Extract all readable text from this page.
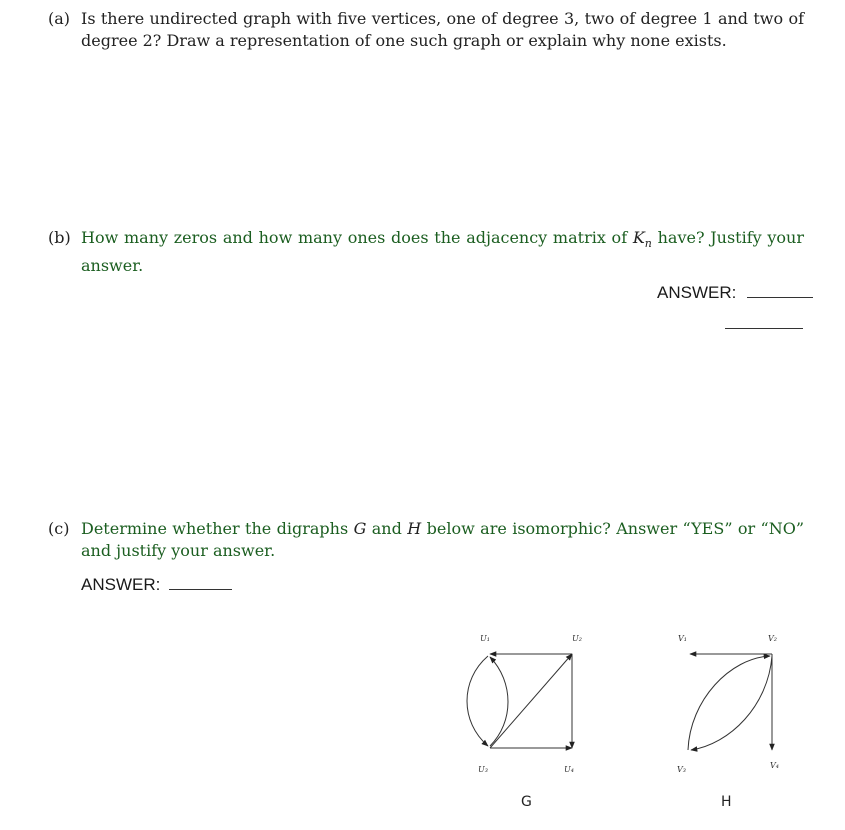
(a) Is there undirected graph with five vertices, one of degree 3, two of degree 1 and two of degree 2? Draw a representation of one such graph or explain why none exists.
(b) How many zeros and how many ones does the adjacency matrix of $K_n$ have? Justify your answer.
ANSWER:
(c) Determine whether the digraphs G and H below are isomorphic? Answer “YES” or “NO” and justify your answer.
ANSWER:
U₁	U₂
U₃	U₄
G
V₁	V₂
V₃	V₄
H
